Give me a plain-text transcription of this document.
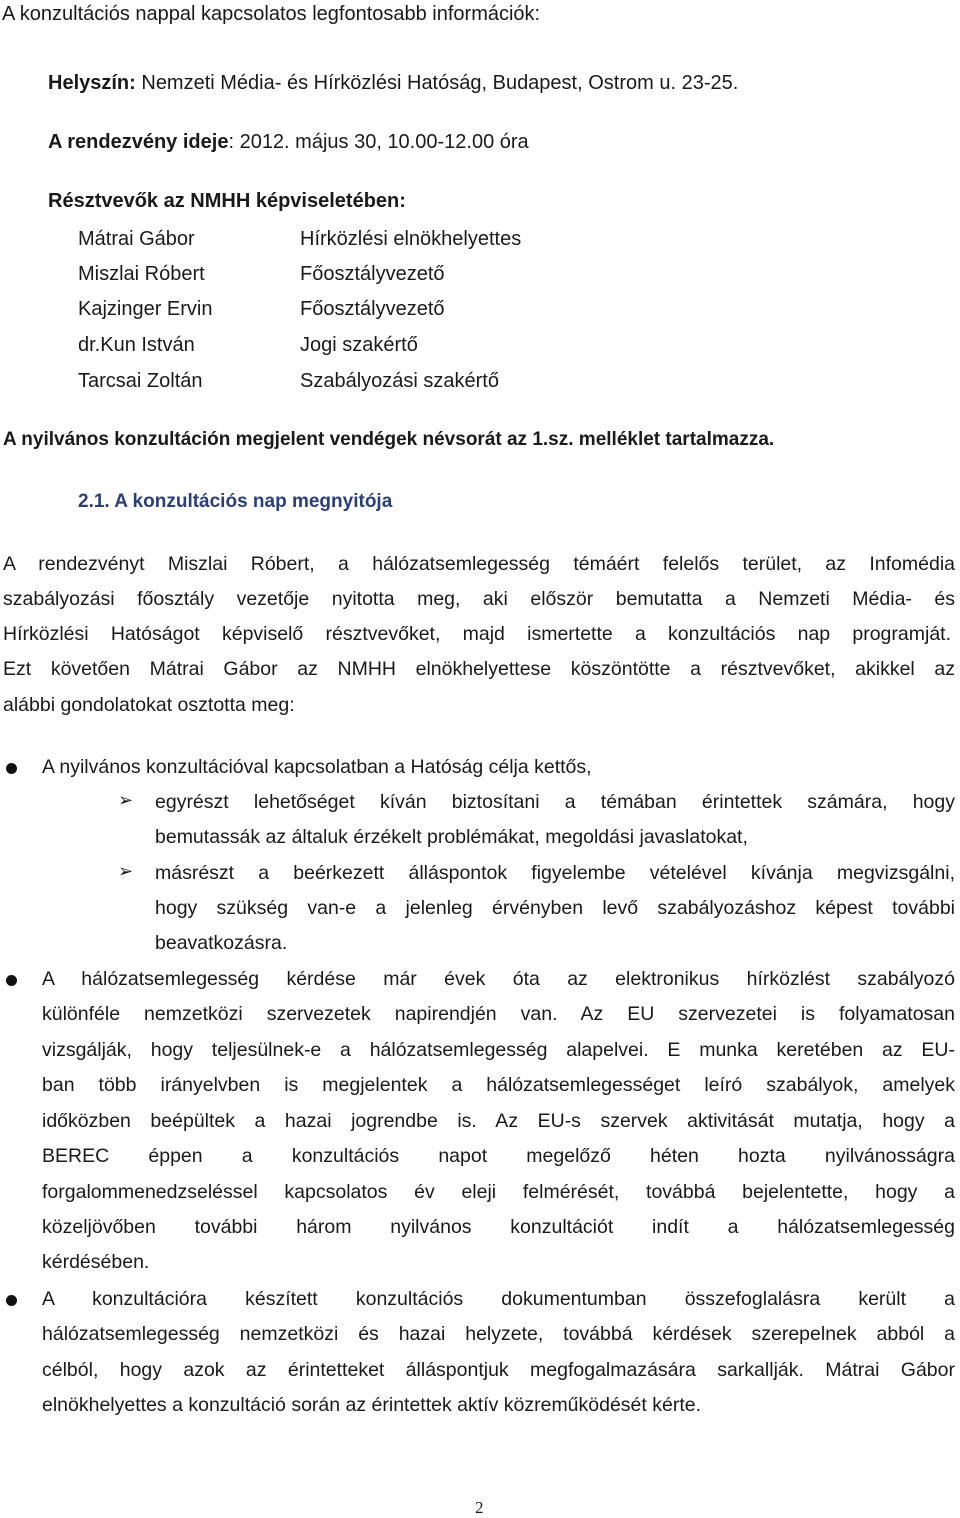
A konzultációs nappal kapcsolatos legfontosabb információk:
Helyszín: Nemzeti Média- és Hírközlési Hatóság, Budapest, Ostrom u. 23-25.
A rendezvény ideje: 2012. május 30, 10.00-12.00 óra
Résztvevők az NMHH képviseletében:
Mátrai Gábor	Hírközlési elnökhelyettes
Miszlai Róbert	Főosztályvezető
Kajzinger Ervin	Főosztályvezető
dr.Kun István	Jogi szakértő
Tarcsai Zoltán	Szabályozási szakértő
A nyilvános konzultáción megjelent vendégek névsorát az 1.sz. melléklet tartalmazza.
2.1. A konzultációs nap megnyitója
A rendezvényt Miszlai Róbert, a hálózatsemlegesség témáért felelős terület, az Infomédia
szabályozási főosztály vezetője nyitotta meg, aki először bemutatta a Nemzeti Média- és
Hírközlési Hatóságot képviselő résztvevőket, majd ismertette a konzultációs nap programját.
Ezt követően Mátrai Gábor az NMHH elnökhelyettese köszöntötte a résztvevőket, akikkel az
alábbi gondolatokat osztotta meg:
A nyilvános konzultációval kapcsolatban a Hatóság célja kettős,
➢ egyrészt lehetőséget kíván biztosítani a témában érintettek számára, hogy
bemutassák az általuk érzékelt problémákat, megoldási javaslatokat,
➢ másrészt a beérkezett álláspontok figyelembe vételével kívánja megvizsgálni,
hogy szükség van-e a jelenleg érvényben levő szabályozáshoz képest további
beavatkozásra.
A hálózatsemlegesség kérdése már évek óta az elektronikus hírközlést szabályozó
különféle nemzetközi szervezetek napirendjén van. Az EU szervezetei is folyamatosan
vizsgálják, hogy teljesülnek-e a hálózatsemlegesség alapelvei. E munka keretében az EU-
ban több irányelvben is megjelentek a hálózatsemlegességet leíró szabályok, amelyek
időközben beépültek a hazai jogrendbe is. Az EU-s szervek aktivitását mutatja, hogy a
BEREC éppen a konzultációs napot megelőző héten hozta nyilvánosságra
forgalommenedzseléssel kapcsolatos év eleji felmérését, továbbá bejelentette, hogy a
közeljövőben további három nyilvános konzultációt indít a hálózatsemlegesség
kérdésében.
A konzultációra készített konzultációs dokumentumban összefoglalásra került a
hálózatsemlegesség nemzetközi és hazai helyzete, továbbá kérdések szerepelnek abból a
célból, hogy azok az érintetteket álláspontjuk megfogalmazására sarkallják. Mátrai Gábor
elnökhelyettes a konzultáció során az érintettek aktív közreműködését kérte.
2
